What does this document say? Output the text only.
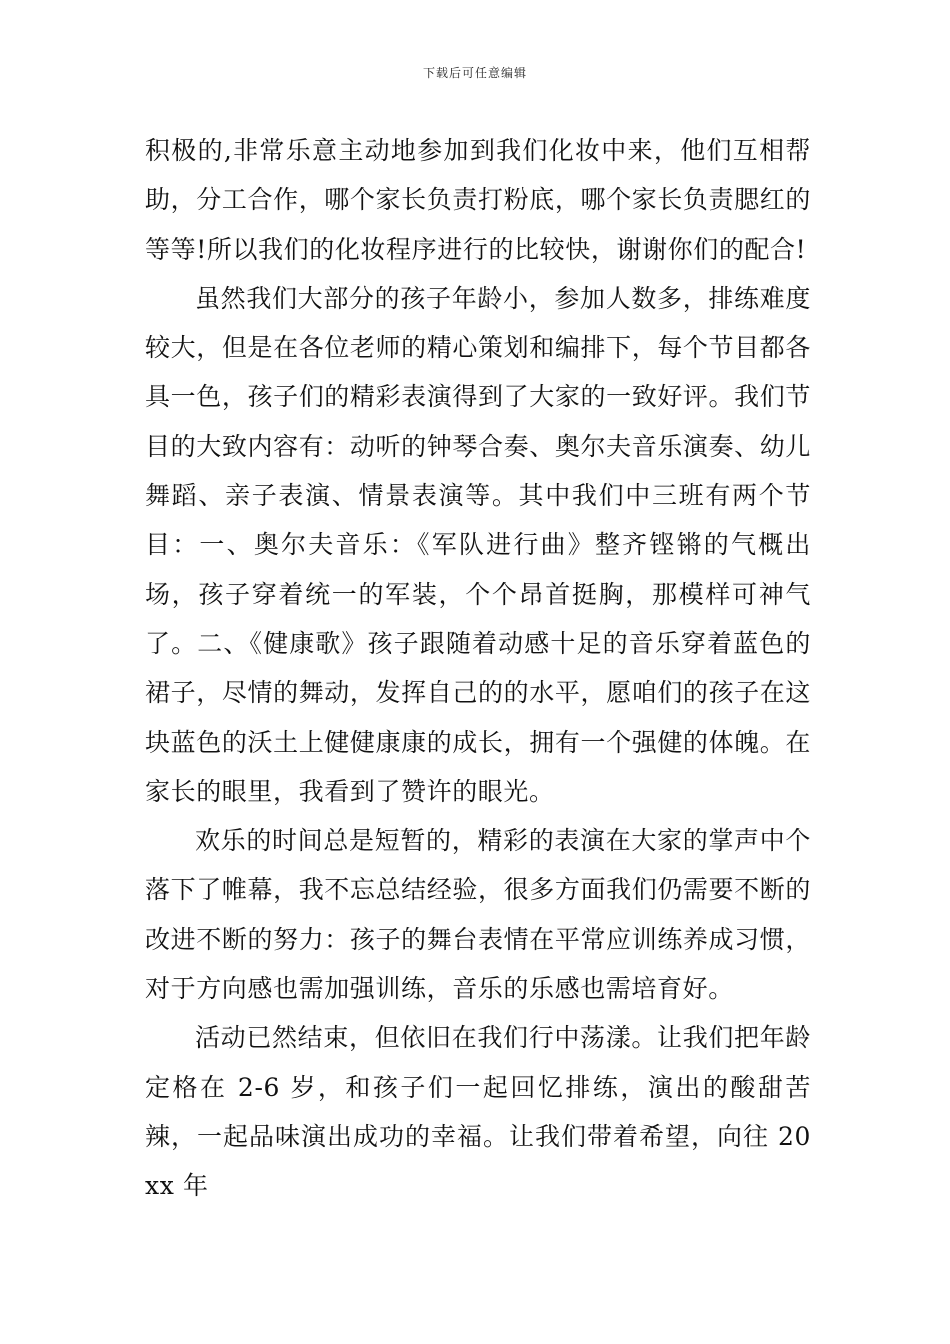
下载后可任意编辑

积极的,非常乐意主动地参加到我们化妆中来，他们互相帮助，分工合作，哪个家长负责打粉底，哪个家长负责腮红的等等!所以我们的化妆程序进行的比较快，谢谢你们的配合!

虽然我们大部分的孩子年龄小，参加人数多，排练难度较大，但是在各位老师的精心策划和编排下，每个节目都各具一色，孩子们的精彩表演得到了大家的一致好评。我们节目的大致内容有：动听的钟琴合奏、奥尔夫音乐演奏、幼儿舞蹈、亲子表演、情景表演等。其中我们中三班有两个节目：一、奥尔夫音乐：《军队进行曲》整齐铿锵的气概出场，孩子穿着统一的军装，个个昂首挺胸，那模样可神气了。二、《健康歌》孩子跟随着动感十足的音乐穿着蓝色的裙子，尽情的舞动，发挥自己的的水平，愿咱们的孩子在这块蓝色的沃土上健健康康的成长，拥有一个强健的体魄。在家长的眼里，我看到了赞许的眼光。

欢乐的时间总是短暂的，精彩的表演在大家的掌声中个落下了帷幕，我不忘总结经验，很多方面我们仍需要不断的改进不断的努力：孩子的舞台表情在平常应训练养成习惯，对于方向感也需加强训练，音乐的乐感也需培育好。

活动已然结束，但依旧在我们行中荡漾。让我们把年龄定格在 2-6 岁，和孩子们一起回忆排练，演出的酸甜苦辣，一起品味演出成功的幸福。让我们带着希望，向往 20xx 年
